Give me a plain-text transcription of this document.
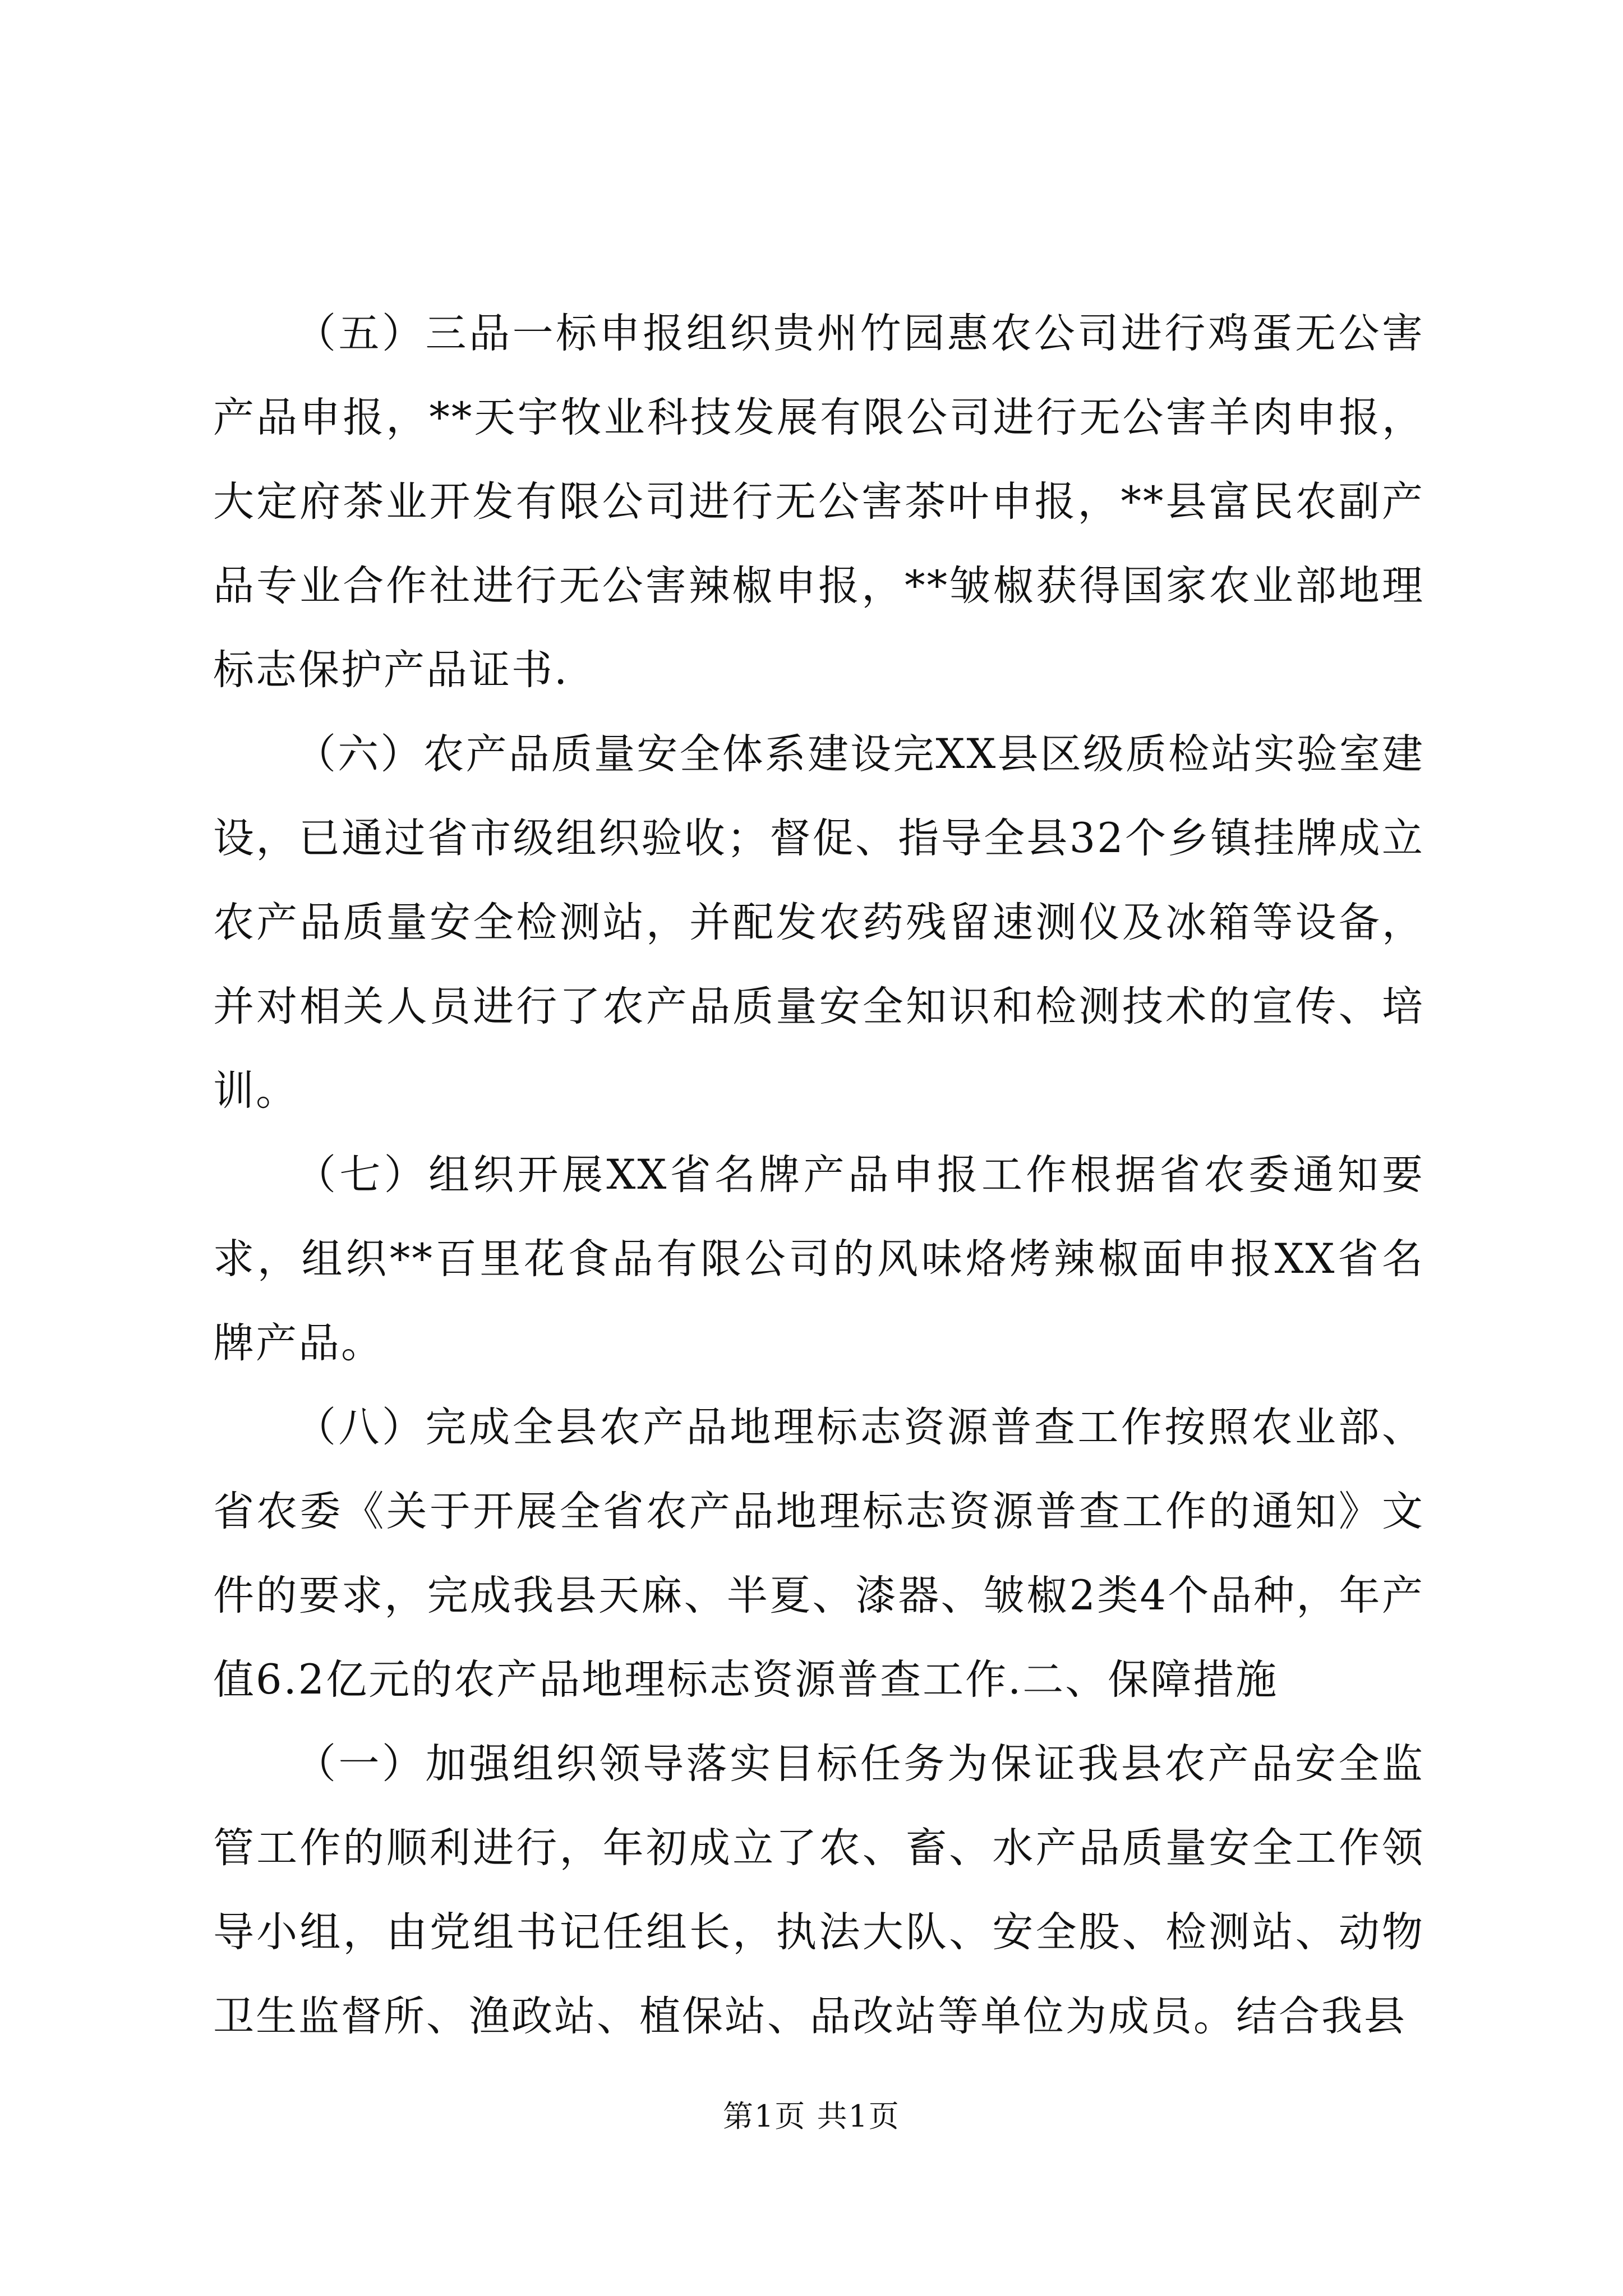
（五）三品一标申报组织贵州竹园惠农公司进行鸡蛋无公害产品申报，**天宇牧业科技发展有限公司进行无公害羊肉申报，大定府茶业开发有限公司进行无公害茶叶申报，**县富民农副产品专业合作社进行无公害辣椒申报，**皱椒获得国家农业部地理标志保护产品证书.

（六）农产品质量安全体系建设完XX县区级质检站实验室建设，已通过省市级组织验收；督促、指导全县32个乡镇挂牌成立农产品质量安全检测站，并配发农药残留速测仪及冰箱等设备，并对相关人员进行了农产品质量安全知识和检测技术的宣传、培训。

（七）组织开展XX省名牌产品申报工作根据省农委通知要求，组织**百里花食品有限公司的风味烙烤辣椒面申报XX省名牌产品。

（八）完成全县农产品地理标志资源普查工作按照农业部、省农委《关于开展全省农产品地理标志资源普查工作的通知》文件的要求，完成我县天麻、半夏、漆器、皱椒2类4个品种，年产值6.2亿元的农产品地理标志资源普查工作.二、保障措施

（一）加强组织领导落实目标任务为保证我县农产品安全监管工作的顺利进行，年初成立了农、畜、水产品质量安全工作领导小组，由党组书记任组长，执法大队、安全股、检测站、动物卫生监督所、渔政站、植保站、品改站等单位为成员。结合我县

第1页 共1页
